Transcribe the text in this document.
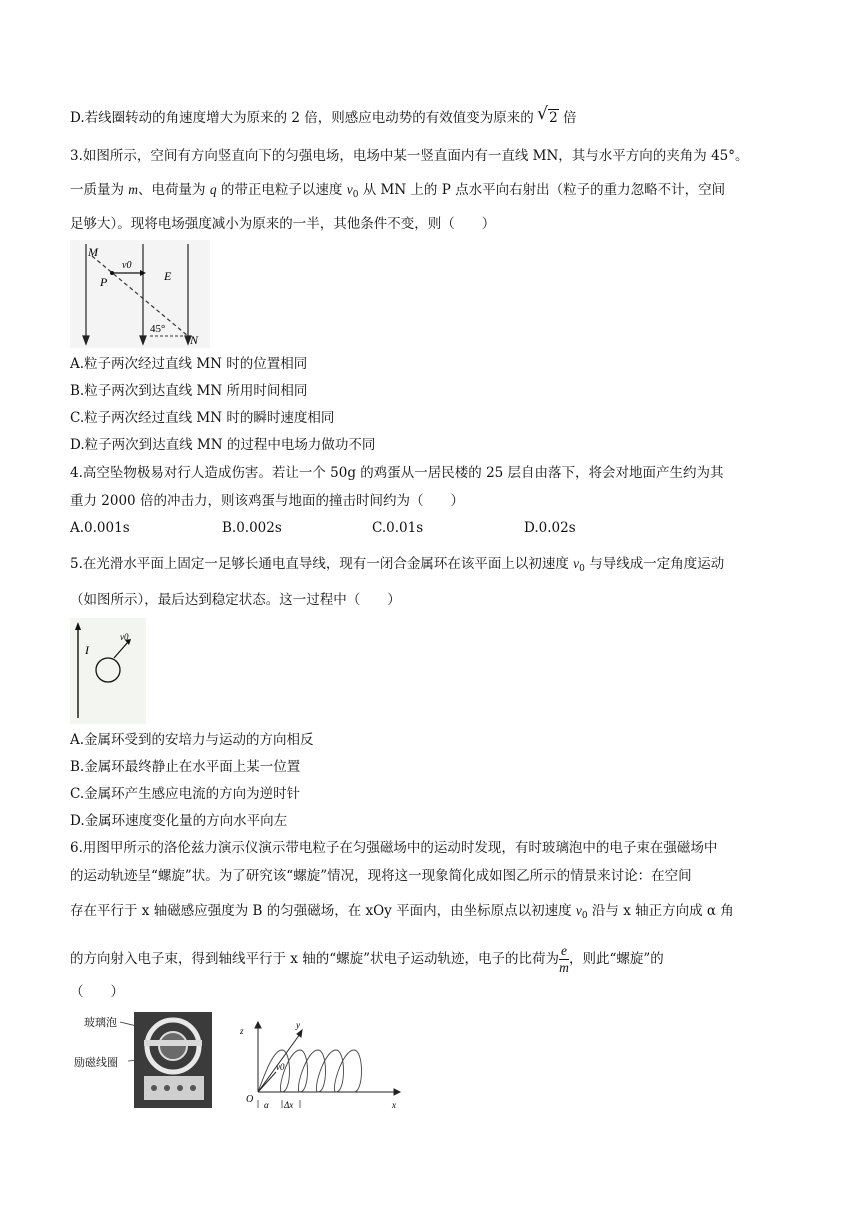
D.若线圈转动的角速度增大为原来的 2 倍，则感应电动势的有效值变为原来的 √ 2 倍
3.如图所示，空间有方向竖直向下的匀强电场，电场中某一竖直面内有一直线 MN，其与水平方向的夹角为 45°。
一质量为 m、电荷量为 q 的带正电粒子以速度 $v_0$ 从 MN 上的 P 点水平向右射出（粒子的重力忽略不计，空间
足够大）。现将电场强度减小为原来的一半，其他条件不变，则（　　）
M
v0
P	E
45°
N
A.粒子两次经过直线 MN 时的位置相同
B.粒子两次到达直线 MN 所用时间相同
C.粒子两次经过直线 MN 时的瞬时速度相同
D.粒子两次到达直线 MN 的过程中电场力做功不同
4.高空坠物极易对行人造成伤害。若让一个 50g 的鸡蛋从一居民楼的 25 层自由落下，将会对地面产生约为其
重力 2000 倍的冲击力，则该鸡蛋与地面的撞击时间约为（　　）
A.0.001s	B.0.002s	C.0.01s	D.0.02s
5.在光滑水平面上固定一足够长通电直导线，现有一闭合金属环在该平面上以初速度 $v_0$ 与导线成一定角度运动
（如图所示），最后达到稳定状态。这一过程中（　　）
I
v0
A.金属环受到的安培力与运动的方向相反
B.金属环最终静止在水平面上某一位置
C.金属环产生感应电流的方向为逆时针
D.金属环速度变化量的方向水平向左
6.用图甲所示的洛伦兹力演示仪演示带电粒子在匀强磁场中的运动时发现，有时玻璃泡中的电子束在强磁场中
的运动轨迹呈“螺旋”状。为了研究该“螺旋”情况，现将这一现象简化成如图乙所示的情景来讨论：在空间
存在平行于 x 轴磁感应强度为 B 的匀强磁场，在 xOy 平面内，由坐标原点以初速度 $v_0$ 沿与 x 轴正方向成 α 角
的方向射入电子束，得到轴线平行于 x 轴的“螺旋”状电子运动轨迹，电子的比荷为 $\frac{e}{m}$ ，则此“螺旋”的
（　　）
玻璃泡
励磁线圈
z
y
v0
O α Δx	x
